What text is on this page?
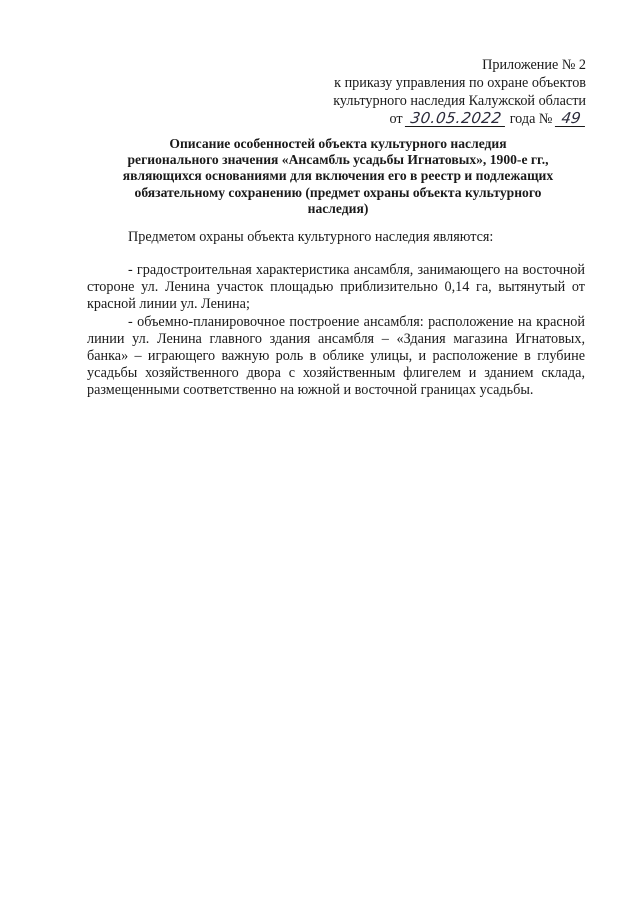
Приложение № 2
к приказу управления по охране объектов
культурного наследия Калужской области
от 30.05.2022 года № 49
Описание особенностей объекта культурного наследия
регионального значения «Ансамбль усадьбы Игнатовых», 1900-е гг.,
являющихся основаниями для включения его в реестр и подлежащих
обязательному сохранению (предмет охраны объекта культурного
наследия)
Предметом охраны объекта культурного наследия являются:

- градостроительная характеристика ансамбля, занимающего на восточной стороне ул. Ленина участок площадью приблизительно 0,14 га, вытянутый от красной линии ул. Ленина;

- объемно-планировочное построение ансамбля: расположение на красной линии ул. Ленина главного здания ансамбля – «Здания магазина Игнатовых, банка» – играющего важную роль в облике улицы, и расположение в глубине усадьбы хозяйственного двора с хозяйственным флигелем и зданием склада, размещенными соответственно на южной и восточной границах усадьбы.
